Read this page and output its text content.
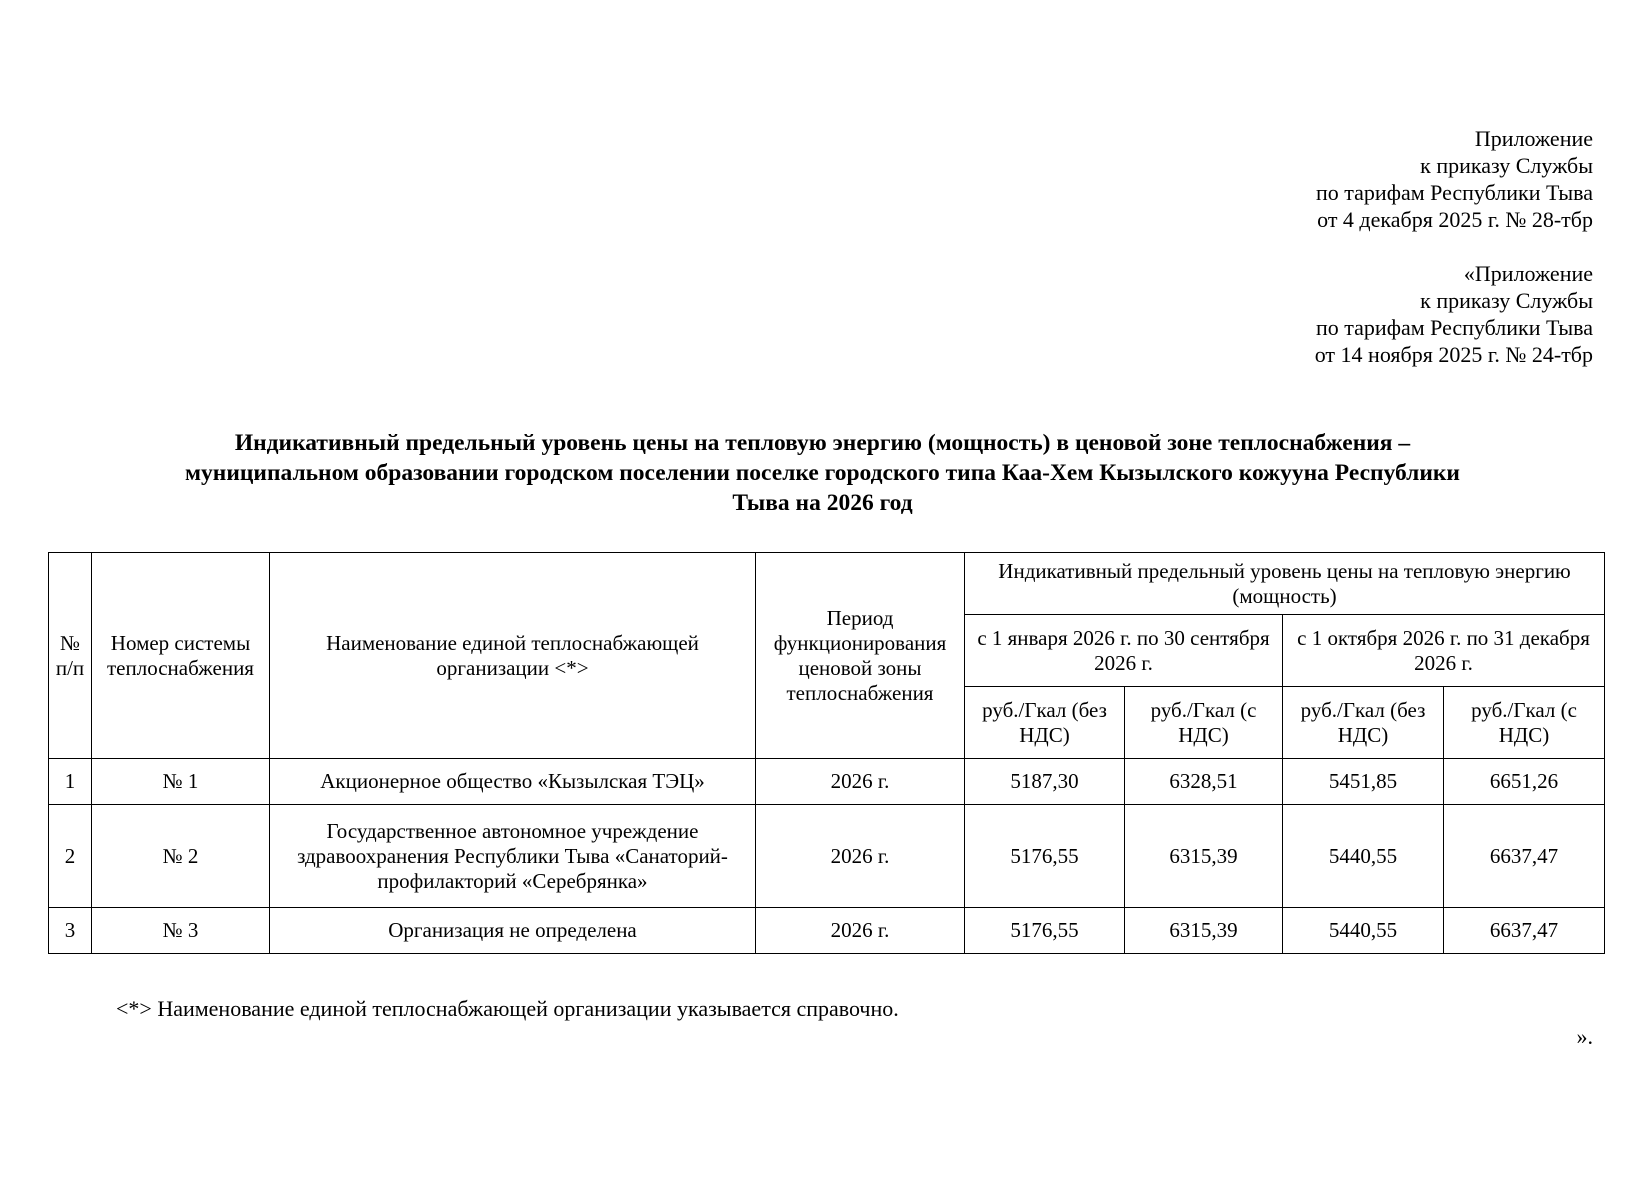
Приложение
к приказу Службы
по тарифам Республики Тыва
от 4 декабря 2025 г. № 28-тбр
«Приложение
к приказу Службы
по тарифам Республики Тыва
от 14 ноября 2025 г. № 24-тбр
Индикативный предельный уровень цены на тепловую энергию (мощность) в ценовой зоне теплоснабжения –
муниципальном образовании городском поселении поселке городского типа Каа-Хем Кызылского кожууна Республики
Тыва на 2026 год
№ п/п	Номер системы теплоснабжения	Наименование единой теплоснабжающей организации <*>	Период функционирования ценовой зоны теплоснабжения	Индикативный предельный уровень цены на тепловую энергию (мощность)			
				с 1 января 2026 г. по 30 сентября 2026 г.		с 1 октября 2026 г. по 31 декабря 2026 г.	
				руб./Гкал (без НДС)	руб./Гкал (с НДС)	руб./Гкал (без НДС)	руб./Гкал (с НДС)
1	№ 1	Акционерное общество «Кызылская ТЭЦ»	2026 г.	5187,30	6328,51	5451,85	6651,26
2	№ 2	Государственное автономное учреждение здравоохранения Республики Тыва «Санаторий-профилакторий «Серебрянка»	2026 г.	5176,55	6315,39	5440,55	6637,47
3	№ 3	Организация не определена	2026 г.	5176,55	6315,39	5440,55	6637,47
<*> Наименование единой теплоснабжающей организации указывается справочно.
».
